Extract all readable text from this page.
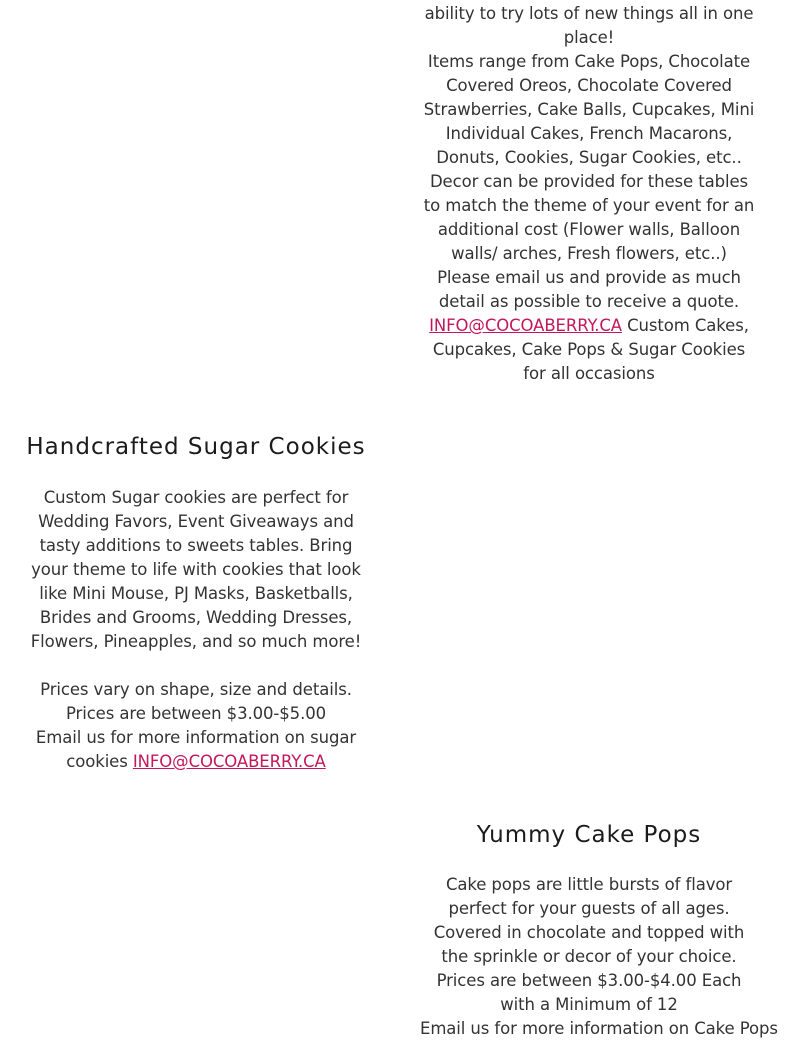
ability to try lots of new things all in one place!

Items range from Cake Pops, Chocolate Covered Oreos, Chocolate Covered Strawberries, Cake Balls, Cupcakes, Mini Individual Cakes, French Macarons, Donuts, Cookies, Sugar Cookies, etc..

Decor can be provided for these tables to match the theme of your event for an additional cost (Flower walls, Balloon walls/ arches, Fresh flowers, etc..)

Please email us and provide as much detail as possible to receive a quote.

INFO@COCOABERRY.CA Custom Cakes, Cupcakes, Cake Pops & Sugar Cookies for all occasions

Handcrafted Sugar Cookies

Custom Sugar cookies are perfect for Wedding Favors, Event Giveaways and tasty additions to sweets tables. Bring your theme to life with cookies that look like Mini Mouse, PJ Masks, Basketballs, Brides and Grooms, Wedding Dresses, Flowers, Pineapples, and so much more!

Prices vary on shape, size and details.

Prices are between $3.00-$5.00

Email us for more information on sugar cookies INFO@COCOABERRY.CA

Yummy Cake Pops

Cake pops are little bursts of flavor perfect for your guests of all ages. Covered in chocolate and topped with the sprinkle or decor of your choice.

Prices are between $3.00-$4.00 Each with a Minimum of 12

Email us for more information on Cake Pops
